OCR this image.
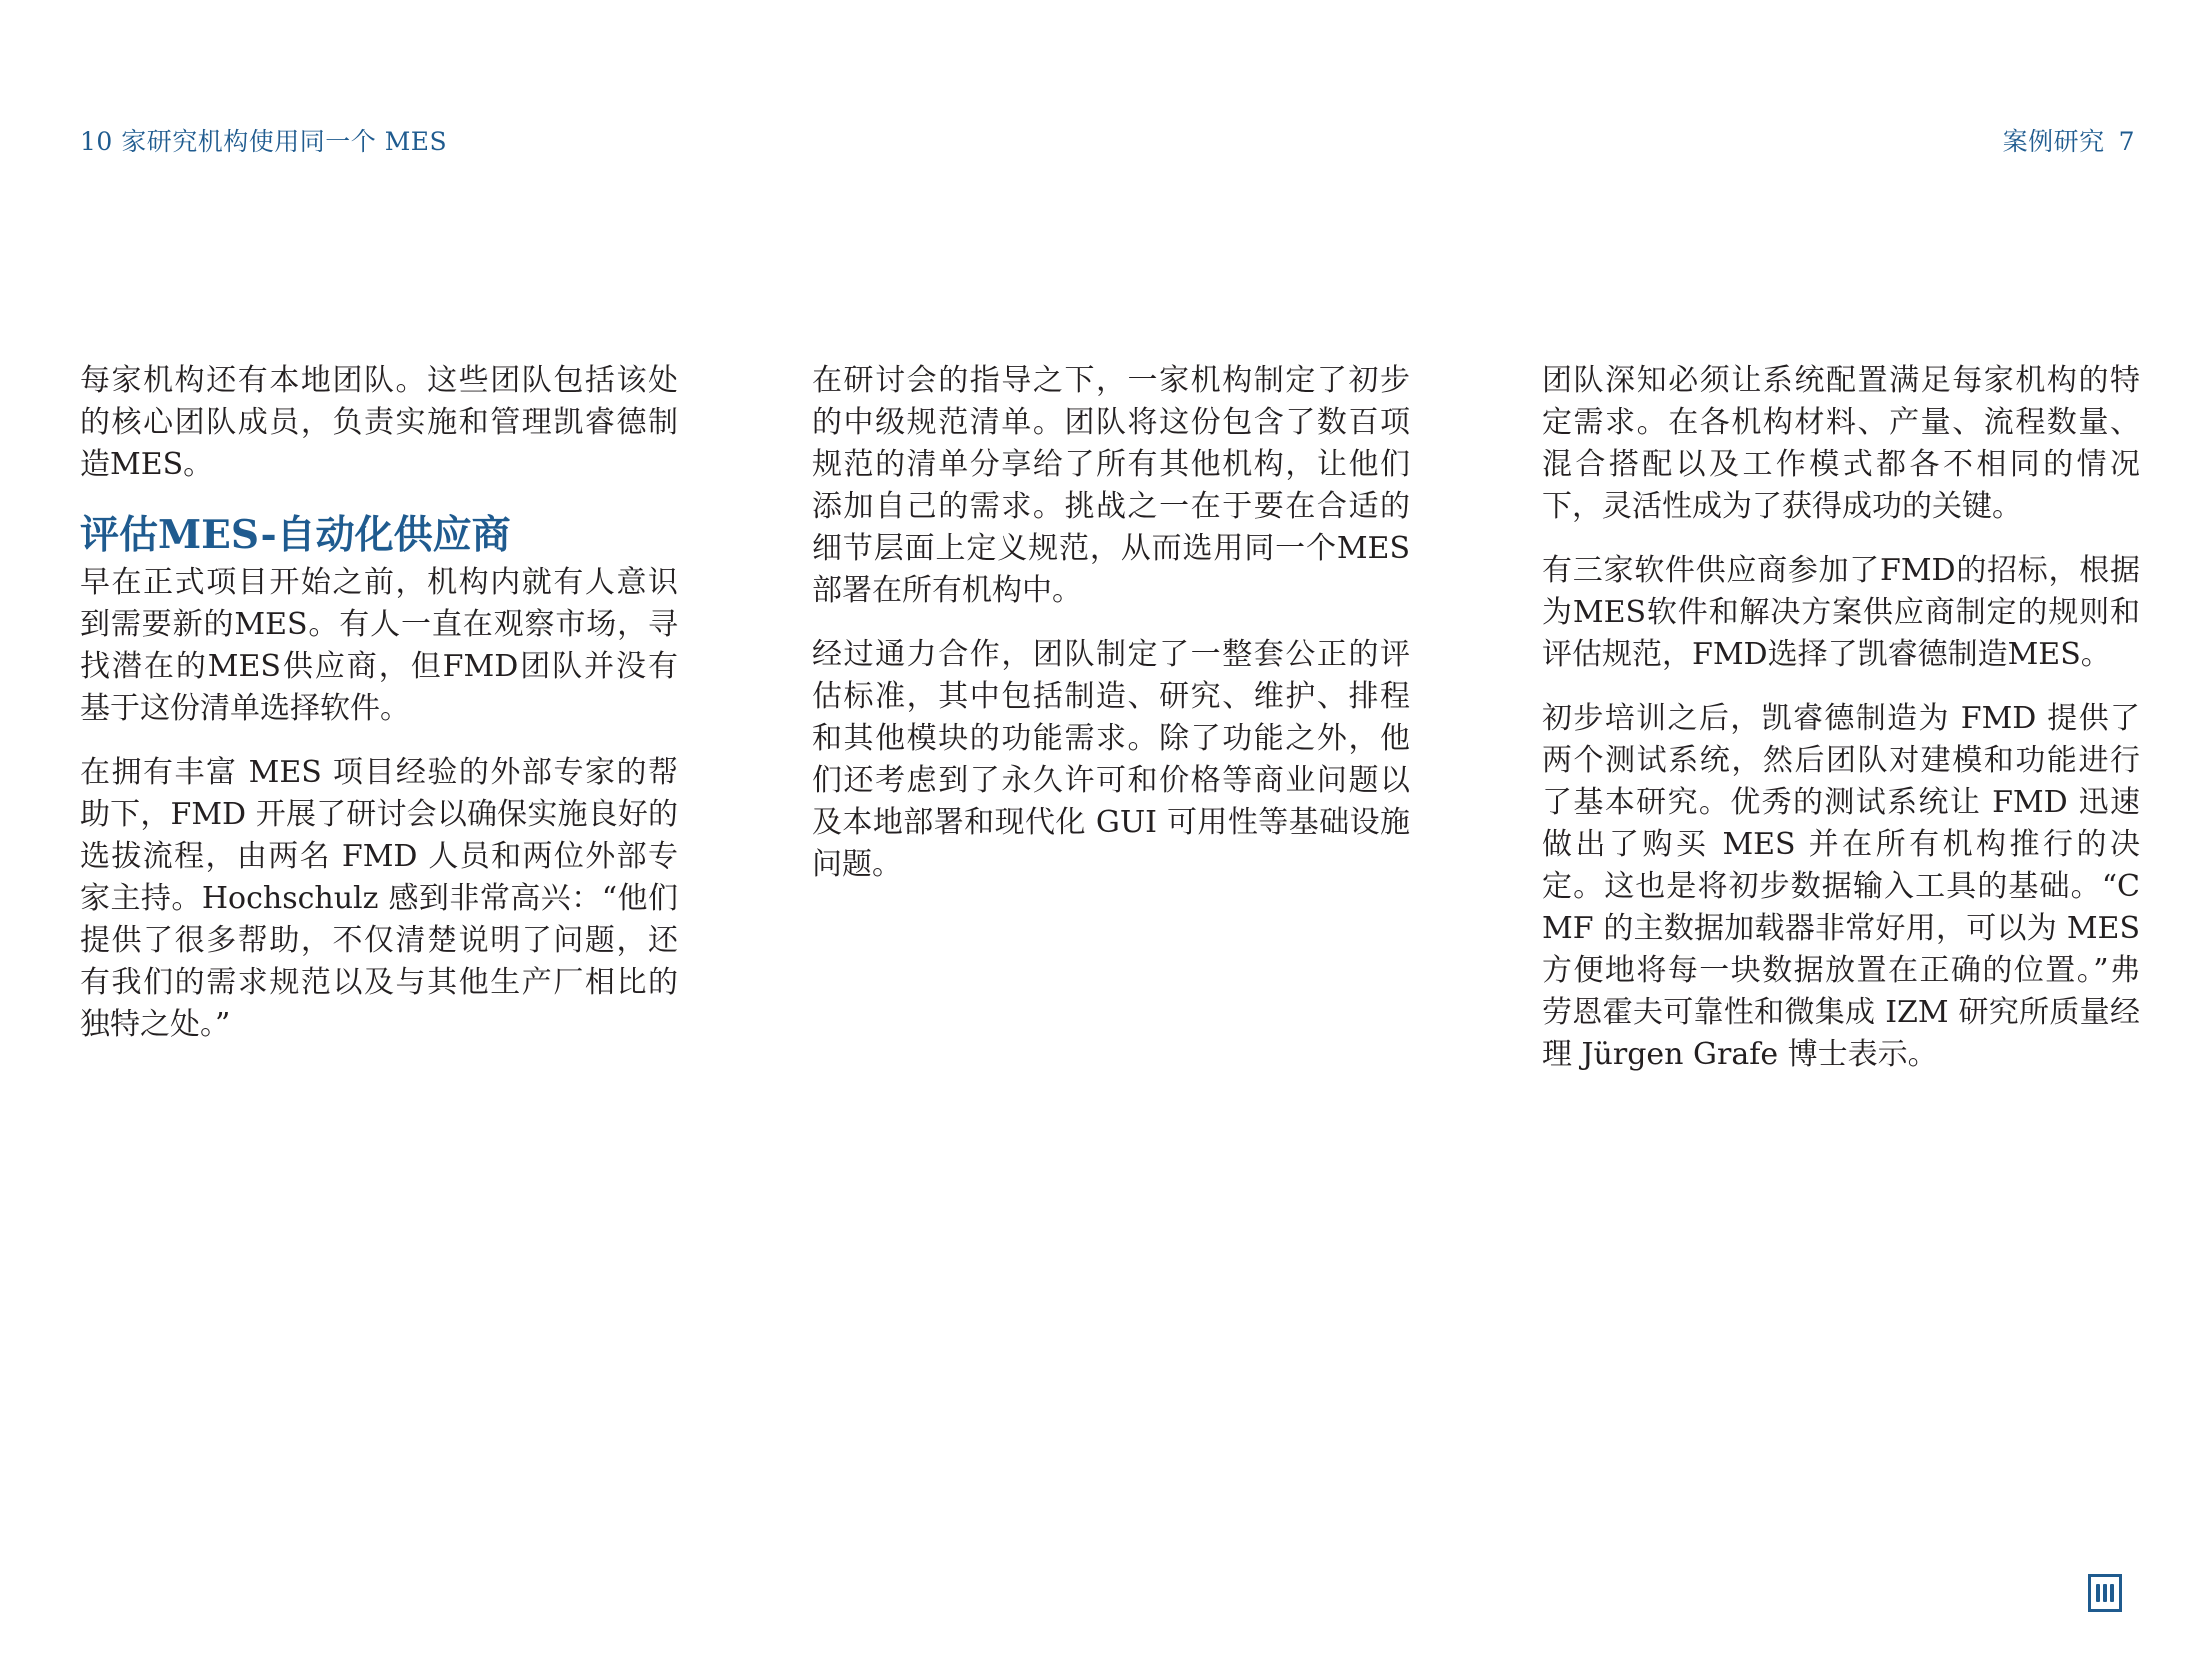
10 家研究机构使用同一个 MES	案例研究 7

每家机构还有本地团队。这些团队包括该处的核心团队成员，负责实施和管理凯睿德制造MES。

评估MES-自动化供应商

早在正式项目开始之前，机构内就有人意识到需要新的MES。有人一直在观察市场，寻找潜在的MES供应商，但FMD团队并没有基于这份清单选择软件。

在拥有丰富 MES 项目经验的外部专家的帮助下，FMD 开展了研讨会以确保实施良好的选拔流程，由两名 FMD 人员和两位外部专家主持。Hochschulz 感到非常高兴：“他们提供了很多帮助，不仅清楚说明了问题，还有我们的需求规范以及与其他生产厂相比的独特之处。”

在研讨会的指导之下，一家机构制定了初步的中级规范清单。团队将这份包含了数百项规范的清单分享给了所有其他机构，让他们添加自己的需求。挑战之一在于要在合适的细节层面上定义规范，从而选用同一个MES部署在所有机构中。

经过通力合作，团队制定了一整套公正的评估标准，其中包括制造、研究、维护、排程和其他模块的功能需求。除了功能之外，他们还考虑到了永久许可和价格等商业问题以及本地部署和现代化 GUI 可用性等基础设施问题。

团队深知必须让系统配置满足每家机构的特定需求。在各机构材料、产量、流程数量、混合搭配以及工作模式都各不相同的情况下，灵活性成为了获得成功的关键。

有三家软件供应商参加了FMD的招标，根据为MES软件和解决方案供应商制定的规则和评估规范，FMD选择了凯睿德制造MES。

初步培训之后，凯睿德制造为 FMD 提供了两个测试系统，然后团队对建模和功能进行了基本研究。优秀的测试系统让 FMD 迅速做出了购买 MES 并在所有机构推行的决定。这也是将初步数据输入工具的基础。“CMF 的主数据加载器非常好用，可以为 MES 方便地将每一块数据放置在正确的位置。”弗劳恩霍夫可靠性和微集成 IZM 研究所质量经理 Jürgen Grafe 博士表示。
